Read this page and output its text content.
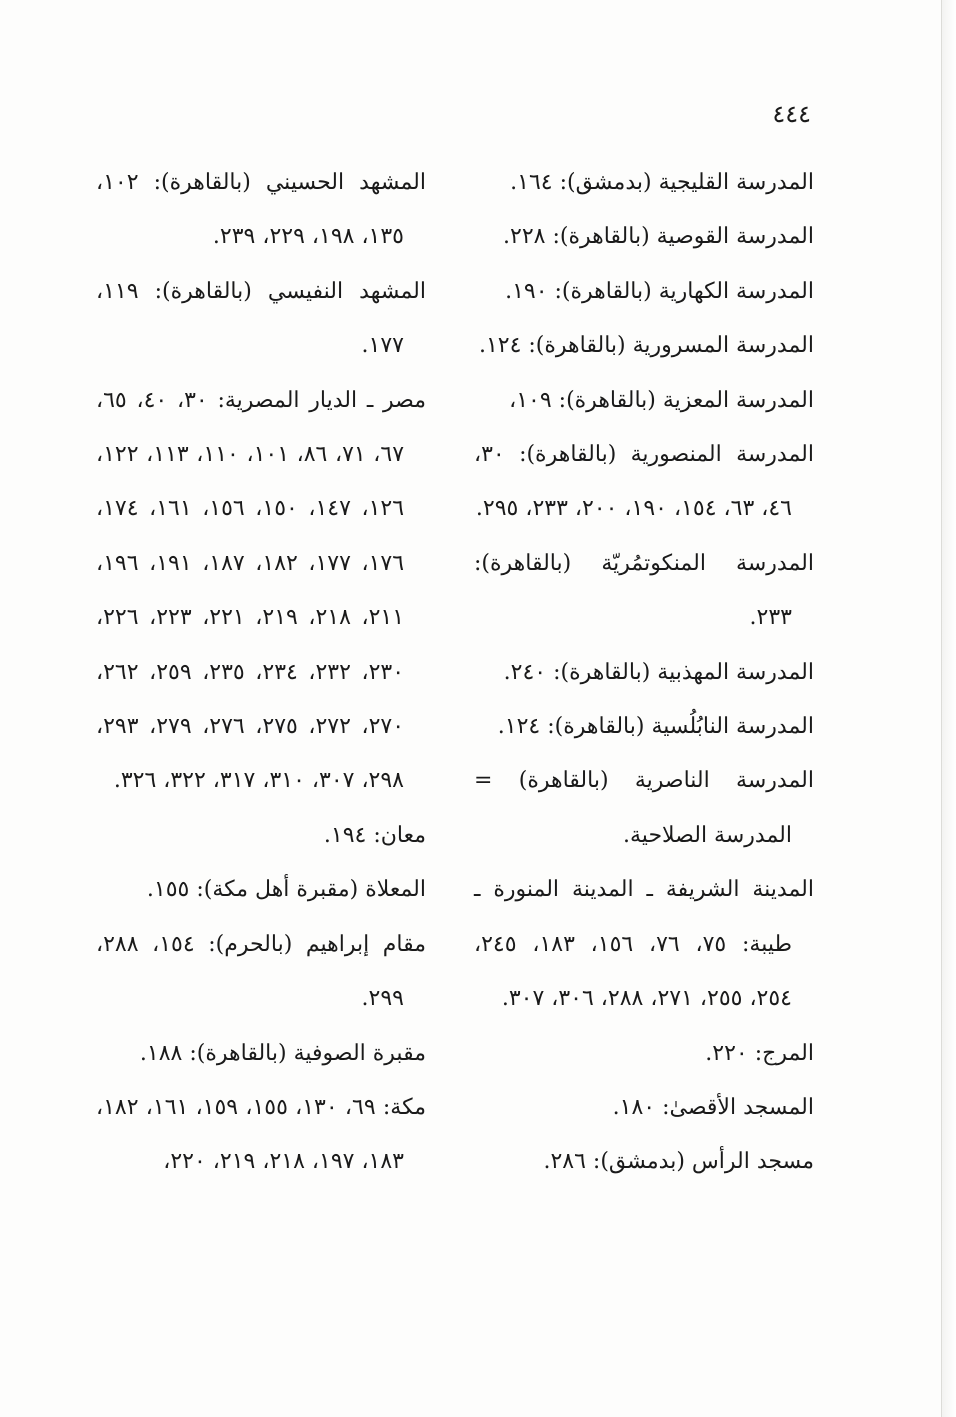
٤٤٤

المدرسة القليجية (بدمشق): ١٦٤.

المدرسة القوصية (بالقاهرة): ٢٢٨.

المدرسة الكهارية (بالقاهرة): ١٩٠.

المدرسة المسرورية (بالقاهرة): ١٢٤.

المدرسة المعزية (بالقاهرة): ١٠٩،

المدرسة المنصورية (بالقاهرة): ٣٠، ٤٦، ٦٣، ١٥٤، ١٩٠، ٢٠٠، ٢٣٣، ٢٩٥.

المدرسة المنكوتمُريّة (بالقاهرة): ٢٣٣.

المدرسة المهذبية (بالقاهرة): ٢٤٠.

المدرسة النابُلُسية (بالقاهرة): ١٢٤.

المدرسة الناصرية (بالقاهرة) = المدرسة الصلاحية.

المدينة الشريفة ـ المدينة المنورة ـ طيبة: ٧٥، ٧٦، ١٥٦، ١٨٣، ٢٤٥، ٢٥٤، ٢٥٥، ٢٧١، ٢٨٨، ٣٠٦، ٣٠٧.

المرج: ٢٢٠.

المسجد الأقصىٰ: ١٨٠.

مسجد الرأس (بدمشق): ٢٨٦.

المشهد الحسيني (بالقاهرة): ١٠٢، ١٣٥، ١٩٨، ٢٢٩، ٢٣٩.

المشهد النفيسي (بالقاهرة): ١١٩، ١٧٧.

مصر ـ الديار المصرية: ٣٠، ٤٠، ٦٥، ٦٧، ٧١، ٨٦، ١٠١، ١١٠، ١١٣، ١٢٢، ١٢٦، ١٤٧، ١٥٠، ١٥٦، ١٦١، ١٧٤، ١٧٦، ١٧٧، ١٨٢، ١٨٧، ١٩١، ١٩٦، ٢١١، ٢١٨، ٢١٩، ٢٢١، ٢٢٣، ٢٢٦، ٢٣٠، ٢٣٢، ٢٣٤، ٢٣٥، ٢٥٩، ٢٦٢، ٢٧٠، ٢٧٢، ٢٧٥، ٢٧٦، ٢٧٩، ٢٩٣، ٢٩٨، ٣٠٧، ٣١٠، ٣١٧، ٣٢٢، ٣٢٦.

معان: ١٩٤.

المعلاة (مقبرة أهل مكة): ١٥٥.

مقام إبراهيم (بالحرم): ١٥٤، ٢٨٨، ٢٩٩.

مقبرة الصوفية (بالقاهرة): ١٨٨.

مكة: ٦٩، ١٣٠، ١٥٥، ١٥٩، ١٦١، ١٨٢، ١٨٣، ١٩٧، ٢١٨، ٢١٩، ٢٢٠،
